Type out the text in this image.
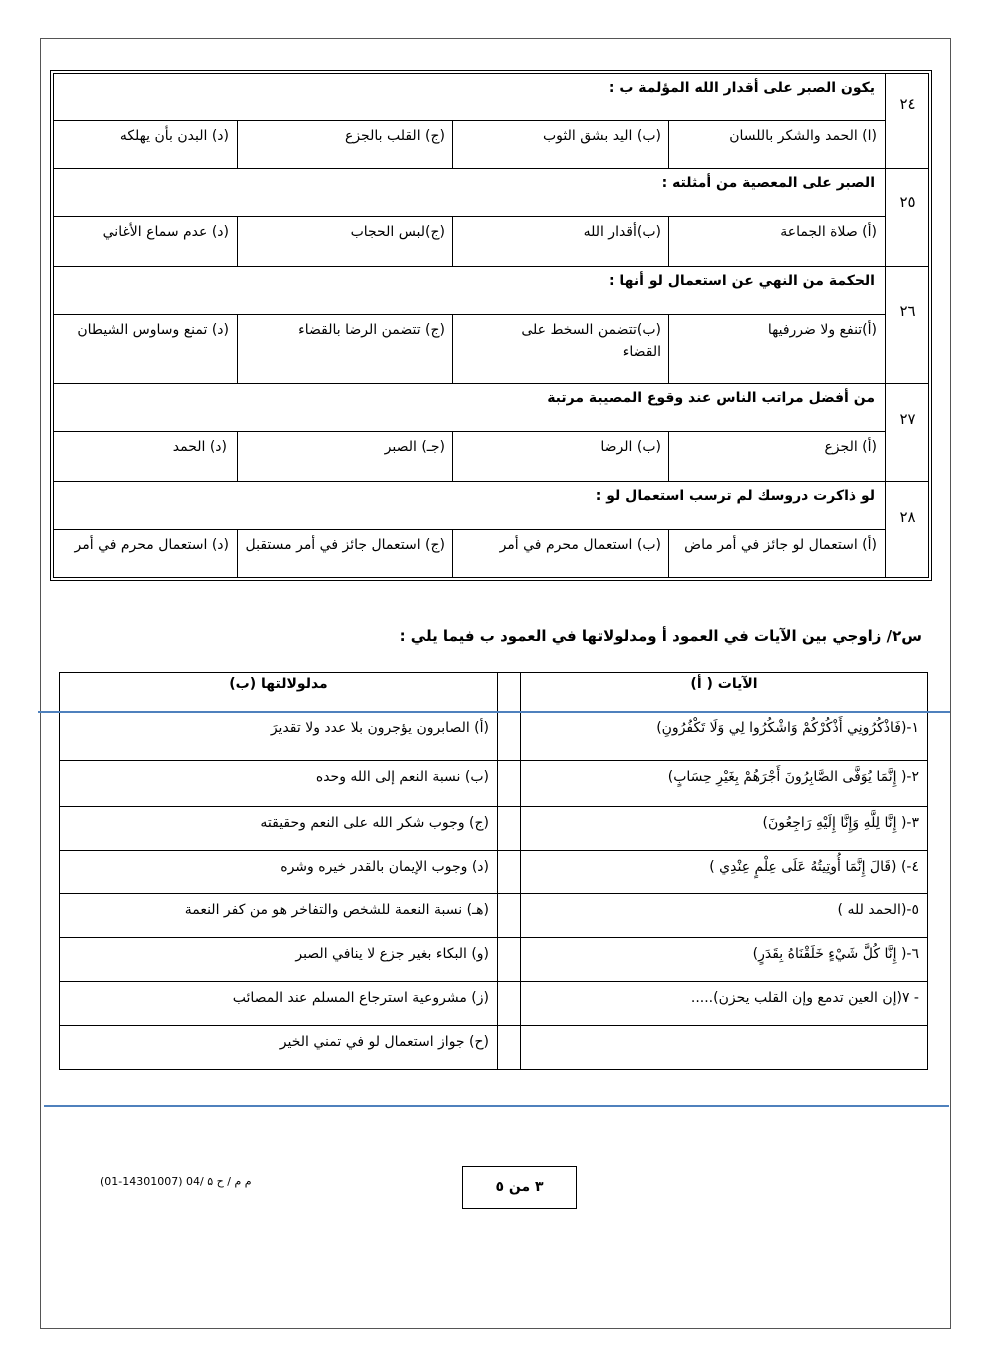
٢٤
يكون الصبر على أقدار الله المؤلمة ب :
(ا) الحمد والشكر باللسان
(ب) اليد بشق الثوب
(ج) القلب بالجزع
(د) البدن بأن يهلكه
٢٥
الصبر على المعصية من أمثلته :
(أ) صلاة الجماعة
(ب)أقدار الله
(ج)لبس الحجاب
(د) عدم سماع الأغاني
٢٦
الحكمة من النهي عن استعمال لو أنها :
(أ)تنفع ولا ضررفيها
(ب)تتضمن السخط على القضاء
(ج) تتضمن الرضا بالقضاء
(د) تمنع وساوس الشيطان
٢٧
من أفضل مراتب الناس عند وقوع المصيبة مرتبة
(أ) الجزع
(ب) الرضا
(جـ) الصبر
(د) الحمد
٢٨
لو ذاكرت دروسك لم ترسب استعمال لو :
(أ) استعمال لو جائز في أمر ماض
(ب) استعمال محرم في أمر
(ج) استعمال جائز في أمر مستقبل
(د) استعمال محرم في أمر
س٢/ زاوجي بين الآيات في العمود أ ومدلولاتها في العمود ب فيما يلي :
الآيات ( أ)
مدلولالتها (ب)
١-(فَاذْكُرُونِي أَذْكُرْكُمْ وَاشْكُرُوا لِي وَلَا تَكْفُرُونِ)
٢-( إِنَّمَا يُوَفَّى الصَّابِرُونَ أَجْرَهُمْ بِغَيْرِ حِسَابٍ)
٣-( إِنَّا لِلَّهِ وَإِنَّا إِلَيْهِ رَاجِعُونَ)
٤-) (قَالَ إِنَّمَا أُوتِيتُهُ عَلَى عِلْمٍ عِنْدِي )
٥-(الحمد لله )
٦-( إِنَّا كُلَّ شَيْءٍ خَلَقْنَاهُ بِقَدَرٍ)
- ٧(إن العين تدمع وإن القلب يحزن).....
(أ) الصابرون يؤجرون بلا عدد ولا تقديرَ
(ب) نسبة النعم إلى الله وحده
(ج) وجوب شكر الله على النعم وحقيقته
(د) وجوب الإيمان بالقدر خيره وشره
(هـ) نسبة النعمة للشخص والتفاخر هو من كفر النعمة
(و) البكاء بغير جزع لا ينافي الصبر
(ز) مشروعية استرجاع المسلم عند المصائب
(ح) جواز استعمال لو في تمني الخير
(01-14301007) 04/ م م / ح ۵	٣ من ٥
